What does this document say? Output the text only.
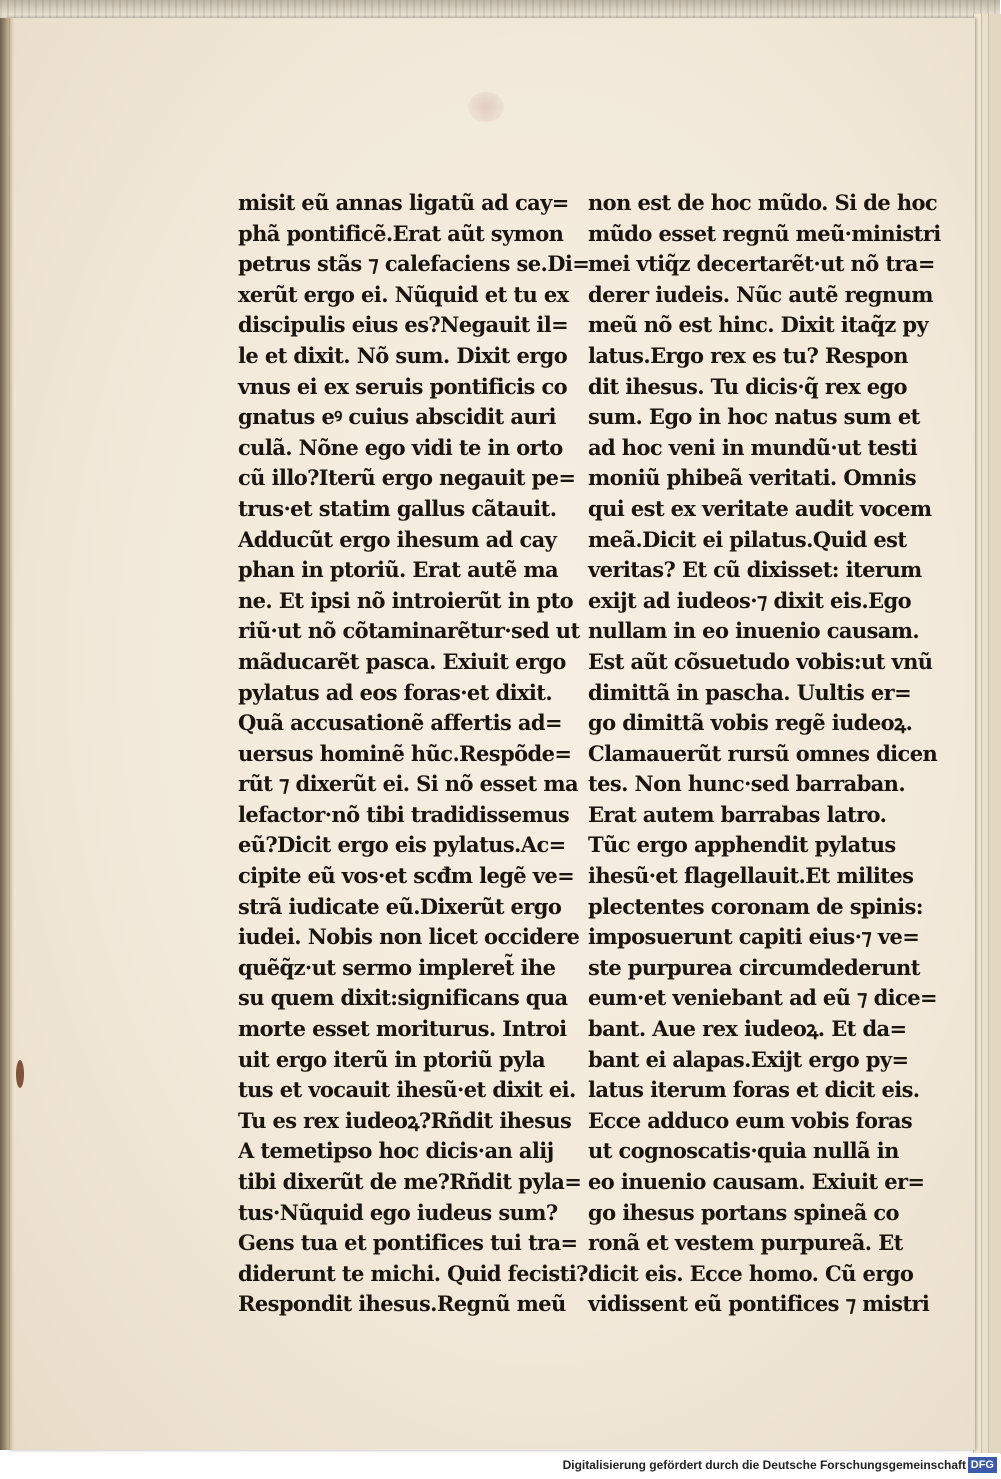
misit eũ annas ligatũ ad cay=
phã pontificẽ.Erat aũt symon
petrus stãs ⁊ calefaciens se.Di=
xerũt ergo ei. Nũquid et tu ex
discipulis eius es?Negauit il=
le et dixit. Nõ sum. Dixit ergo
vnus ei ex seruis pontificis co
gnatus eꝰ cuius abscidit auri
culã. Nõne ego vidi te in orto
cũ illo?Iterũ ergo negauit pe=
trus·et statim gallus cãtauit.
Adducũt ergo ihesum ad cay
phan in ptoriũ. Erat autẽ ma
ne. Et ipsi nõ introierũt in pto
riũ·ut nõ cõtaminarẽtur·sed ut
mãducarẽt pasca. Exiuit ergo
pylatus ad eos foras·et dixit.
Quã accusationẽ affertis ad=
uersus hominẽ hũc.Respõde=
rũt ⁊ dixerũt ei. Si nõ esset ma
lefactor·nõ tibi tradidissemus
eũ?Dicit ergo eis pylatus.Ac=
cipite eũ vos·et scđm legẽ ve=
strã iudicate eũ.Dixerũt ergo
iudei. Nobis non licet occidere
quẽq̃z·ut sermo impleret̃ ihe
su quem dixit:significans qua
morte esset moriturus. Introi
uit ergo iterũ in ptoriũ pyla
tus et vocauit ihesũ·et dixit ei.
Tu es rex iudeoꝝ?Rñdit ihesus
A temetipso hoc dicis·an alij
tibi dixerũt de me?Rñdit pyla=
tus·Nũquid ego iudeus sum?
Gens tua et pontifices tui tra=
diderunt te michi. Quid fecisti?
Respondit ihesus.Regnũ meũ
non est de hoc mũdo. Si de hoc
mũdo esset regnũ meũ·ministri
mei vtiq̃z decertarẽt·ut nõ tra=
derer iudeis. Nũc autẽ regnum
meũ nõ est hinc. Dixit itaq̃z py
latus.Ergo rex es tu? Respon
dit ihesus. Tu dicis·q̃ rex ego
sum. Ego in hoc natus sum et
ad hoc veni in mundũ·ut testi
moniũ phibeã veritati. Omnis
qui est ex veritate audit vocem
meã.Dicit ei pilatus.Quid est
veritas? Et cũ dixisset: iterum
exijt ad iudeos·⁊ dixit eis.Ego
nullam in eo inuenio causam.
Est aũt cõsuetudo vobis:ut vnũ
dimittã in pascha. Uultis er=
go dimittã vobis regẽ iudeoꝝ.
Clamauerũt rursũ omnes dicen
tes. Non hunc·sed barraban.
Erat autem barrabas latro.
Tũc ergo apphendit pylatus
ihesũ·et flagellauit.Et milites
plectentes coronam de spinis:
imposuerunt capiti eius·⁊ ve=
ste purpurea circumdederunt
eum·et veniebant ad eũ ⁊ dice=
bant. Aue rex iudeoꝝ. Et da=
bant ei alapas.Exijt ergo py=
latus iterum foras et dicit eis.
Ecce adduco eum vobis foras
ut cognoscatis·quia nullã in
eo inuenio causam. Exiuit er=
go ihesus portans spineã co
ronã et vestem purpureã. Et
dicit eis. Ecce homo. Cũ ergo
vidissent eũ pontifices ⁊ mistri
Digitalisierung gefördert durch die Deutsche Forschungsgemeinschaft DFG
